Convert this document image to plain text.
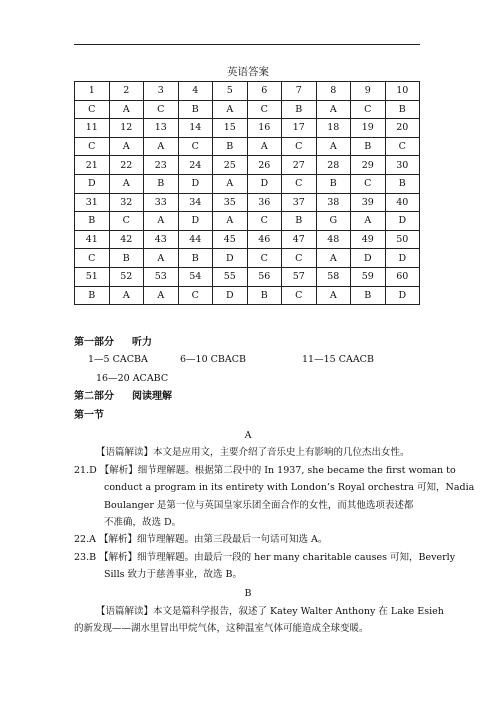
英语答案
1	2	3	4	5	6	7	8	9	10
C	A	C	B	A	C	B	A	C	B
11	12	13	14	15	16	17	18	19	20
C	A	A	C	B	A	C	A	B	C
21	22	23	24	25	26	27	28	29	30
D	A	B	D	A	D	C	B	C	B
31	32	33	34	35	36	37	38	39	40
B	C	A	D	A	C	B	G	A	D
41	42	43	44	45	46	47	48	49	50
C	B	A	B	D	C	C	A	D	D
51	52	53	54	55	56	57	58	59	60
B	A	A	C	D	B	C	A	B	D
第一部分 听力
1—5 CACBA	6—10 CBACB	11—15 CAACB
16—20 ACABC
第二部分 阅读理解
第一节
A
【语篇解读】本文是应用文，主要介绍了音乐史上有影响的几位杰出女性。
21.D 【解析】细节理解题。根据第二段中的 In 1937, she became the first woman to
conduct a program in its entirety with London’s Royal orchestra 可知，Nadia
Boulanger 是第一位与英国皇家乐团全面合作的女性，而其他选项表述都
不准确，故选 D。
22.A 【解析】细节理解题。由第三段最后一句话可知选 A。
23.B 【解析】细节理解题。由最后一段的 her many charitable causes 可知，Beverly
Sills 致力于慈善事业，故选 B。
B
【语篇解读】本文是篇科学报告，叙述了 Katey Walter Anthony 在 Lake Esieh
的新发现——湖水里冒出甲烷气体，这种温室气体可能造成全球变暖。
